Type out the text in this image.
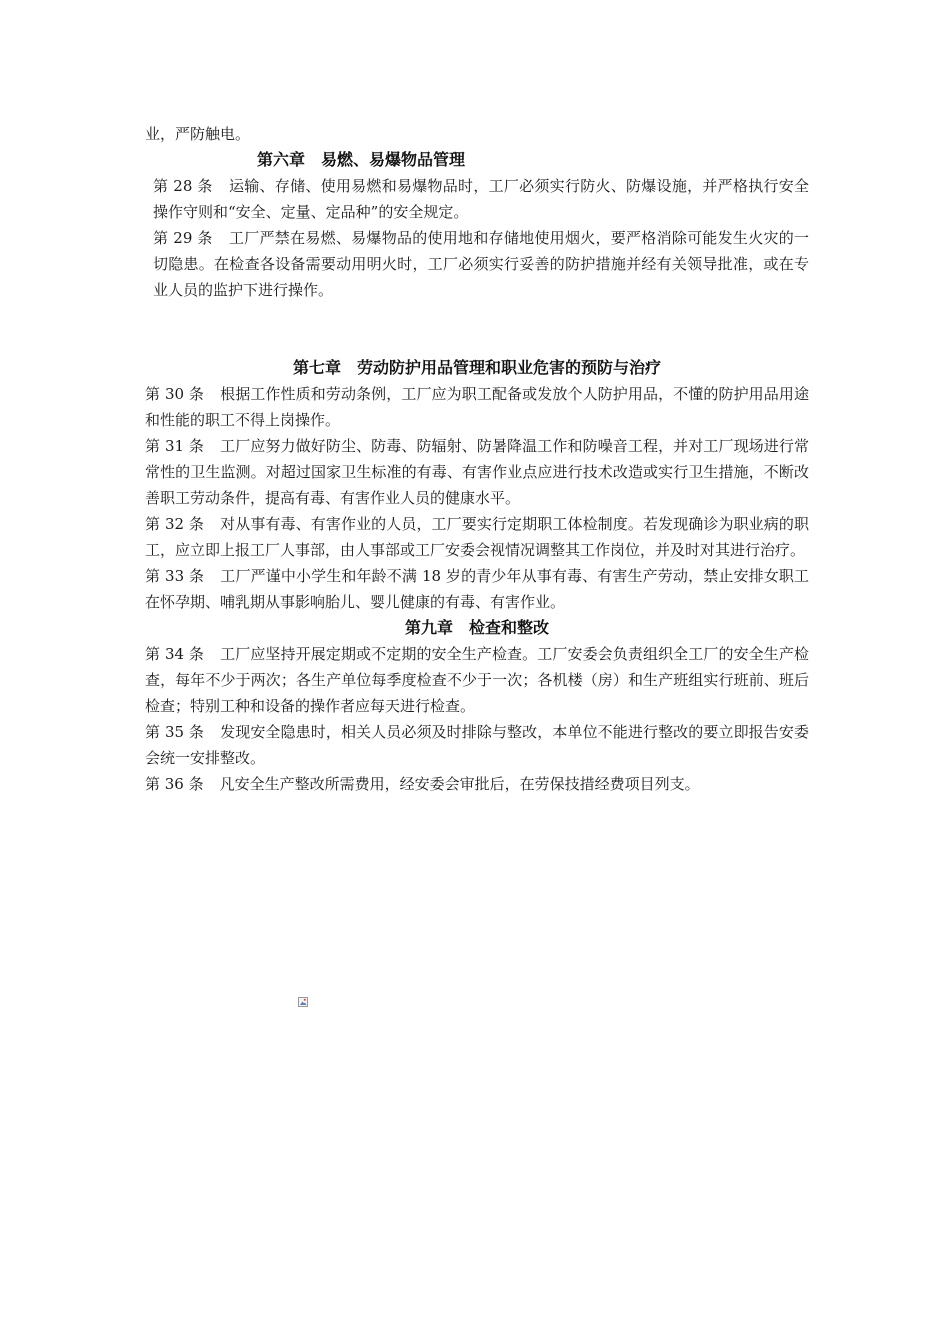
业，严防触电。

第六章　易燃、易爆物品管理

第 28 条 运输、存储、使用易燃和易爆物品时，工厂必须实行防火、防爆设施，并严格执行安全操作守则和“安全、定量、定品种”的安全规定。

第 29 条 工厂严禁在易燃、易爆物品的使用地和存储地使用烟火，要严格消除可能发生火灾的一切隐患。在检查各设备需要动用明火时，工厂必须实行妥善的防护措施并经有关领导批准，或在专业人员的监护下进行操作。

第七章　劳动防护用品管理和职业危害的预防与治疗

第 30 条 根据工作性质和劳动条例，工厂应为职工配备或发放个人防护用品，不懂的防护用品用途和性能的职工不得上岗操作。

第 31 条 工厂应努力做好防尘、防毒、防辐射、防暑降温工作和防噪音工程，并对工厂现场进行常常性的卫生监测。对超过国家卫生标准的有毒、有害作业点应进行技术改造或实行卫生措施，不断改善职工劳动条件，提高有毒、有害作业人员的健康水平。

第 32 条 对从事有毒、有害作业的人员，工厂要实行定期职工体检制度。若发现确诊为职业病的职工，应立即上报工厂人事部，由人事部或工厂安委会视情况调整其工作岗位，并及时对其进行治疗。

第 33 条 工厂严谨中小学生和年龄不满 18 岁的青少年从事有毒、有害生产劳动，禁止安排女职工在怀孕期、哺乳期从事影响胎儿、婴儿健康的有毒、有害作业。

第九章　检查和整改

第 34 条 工厂应坚持开展定期或不定期的安全生产检查。工厂安委会负责组织全工厂的安全生产检查，每年不少于两次；各生产单位每季度检查不少于一次；各机楼（房）和生产班组实行班前、班后检查；特别工种和设备的操作者应每天进行检查。

第 35 条 发现安全隐患时，相关人员必须及时排除与整改，本单位不能进行整改的要立即报告安委会统一安排整改。

第 36 条 凡安全生产整改所需费用，经安委会审批后，在劳保技措经费项目列支。
